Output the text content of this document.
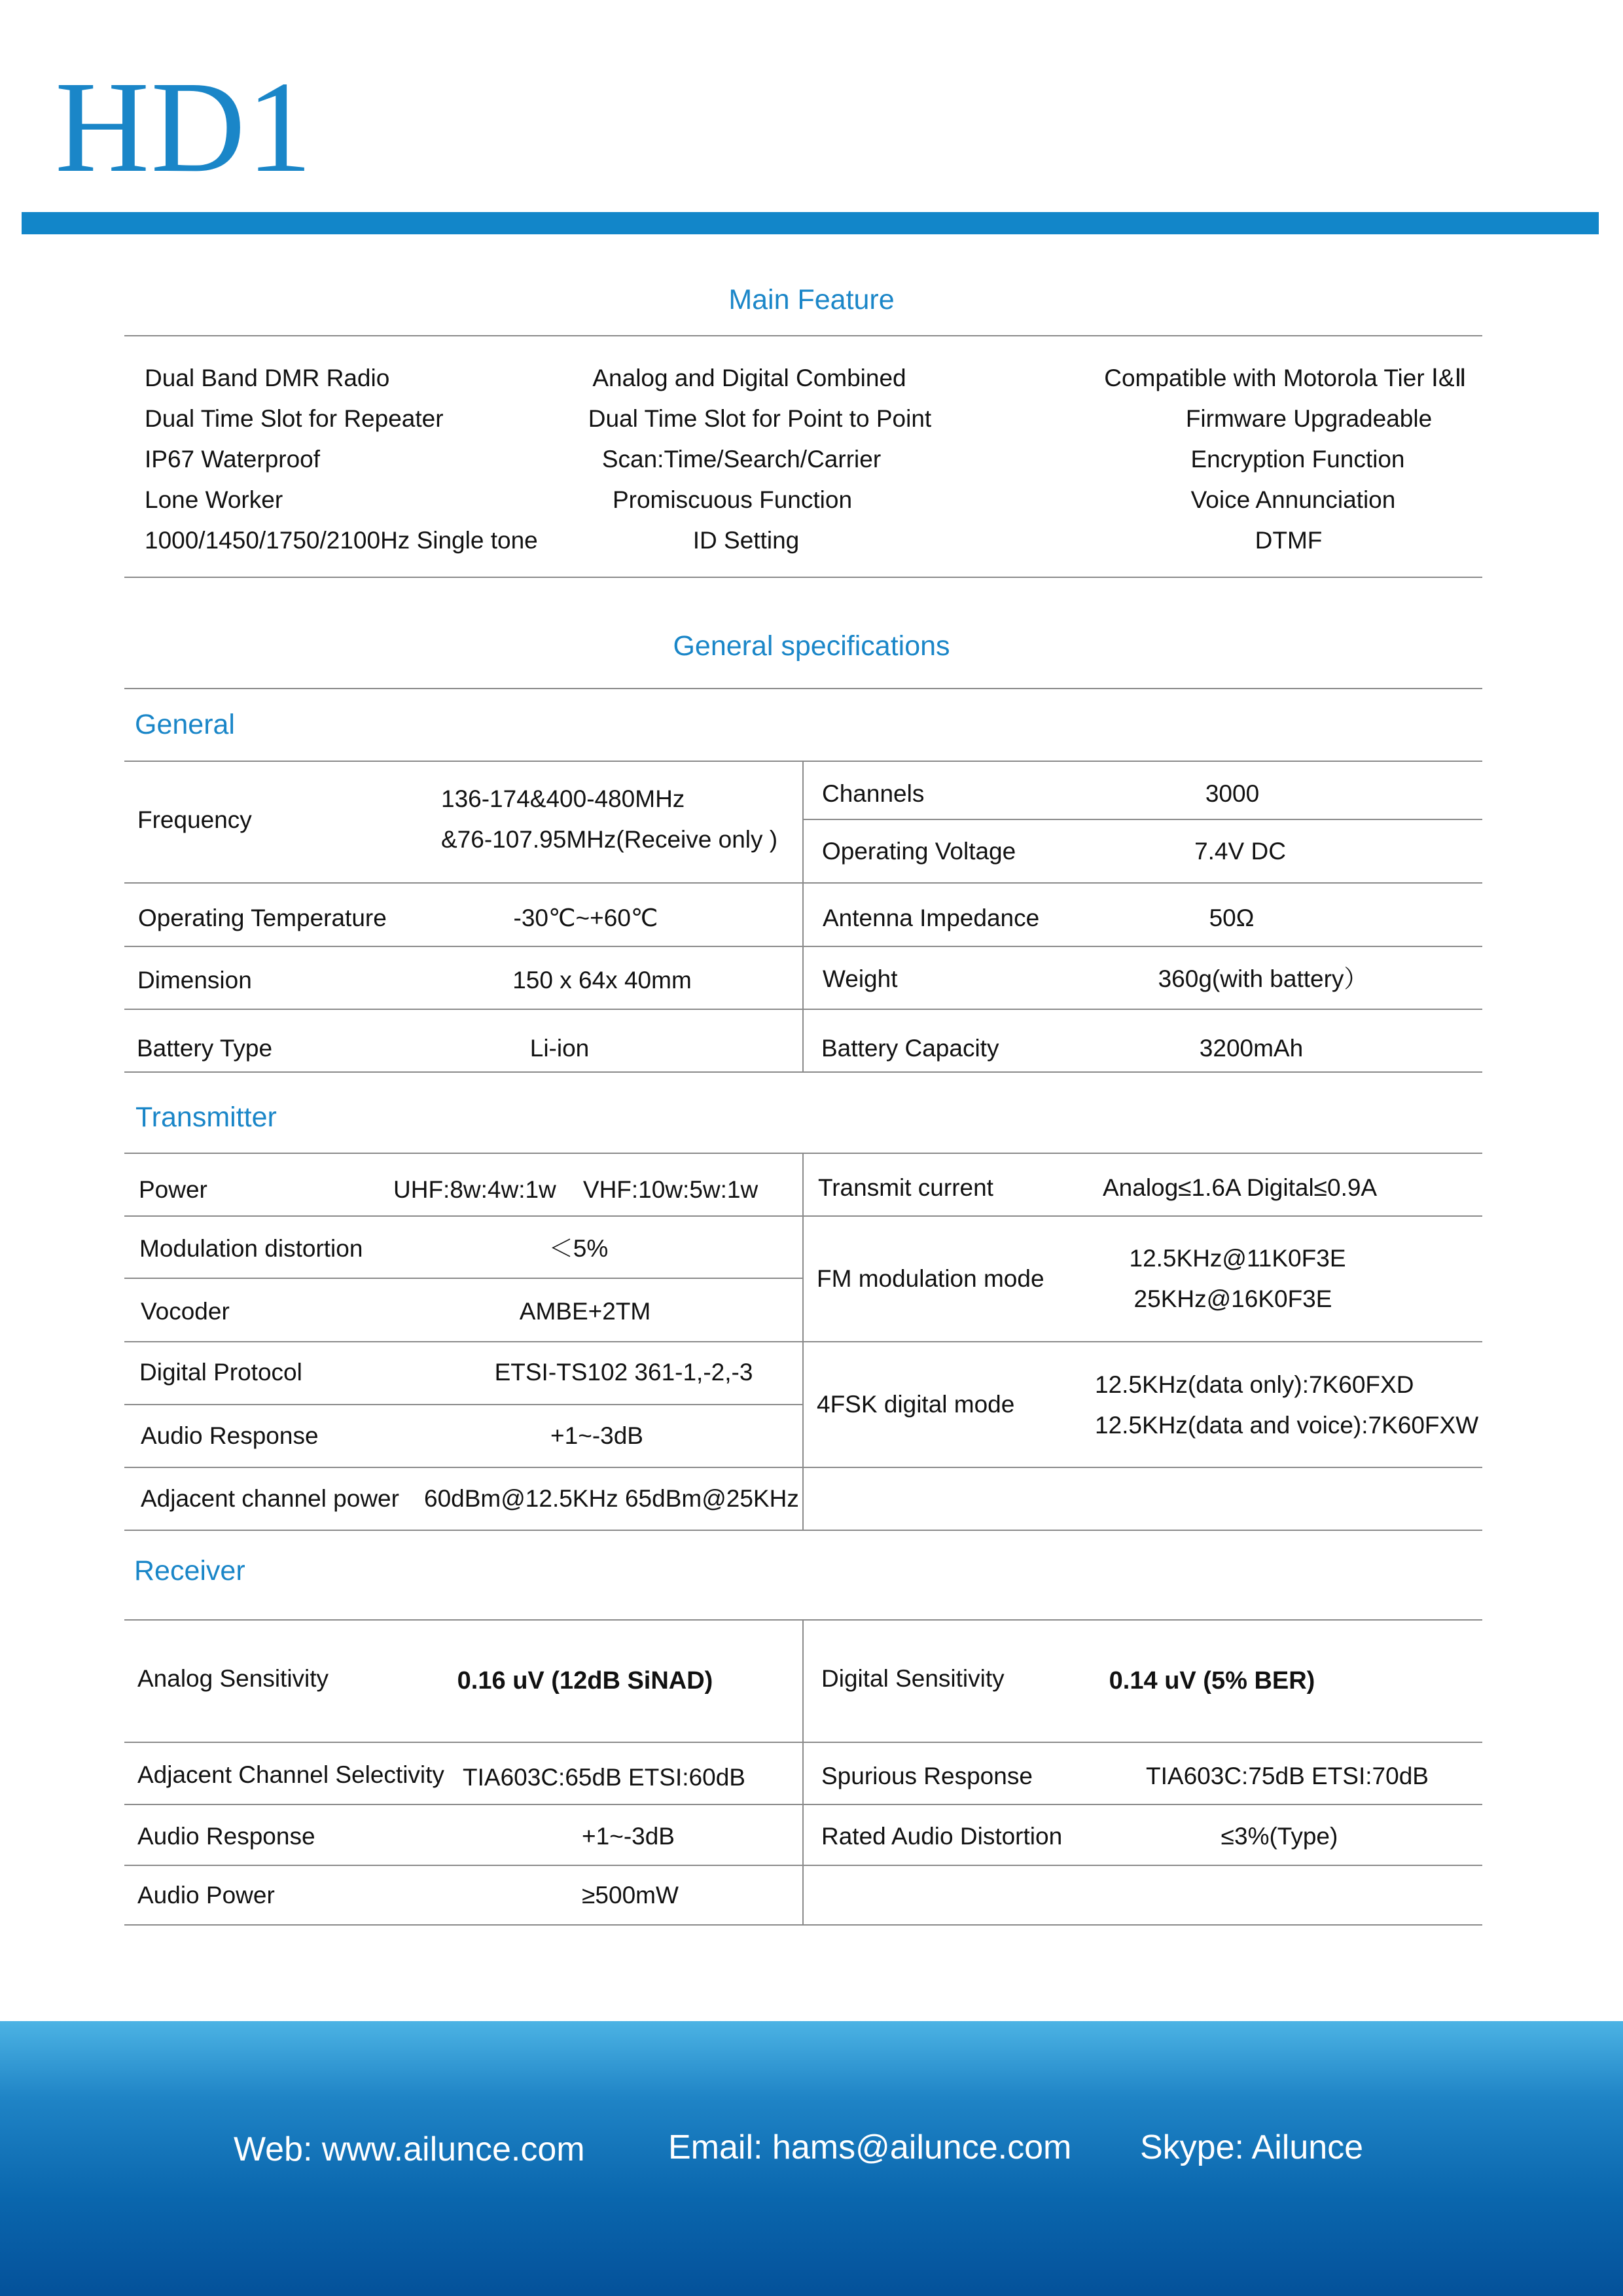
HD1
Main Feature
Dual Band DMR Radio	Analog and Digital Combined	Compatible with Motorola Tier Ⅰ&Ⅱ
Dual Time Slot for Repeater	Dual Time Slot for Point to Point	Firmware Upgradeable
IP67 Waterproof	Scan:Time/Search/Carrier	Encryption Function
Lone Worker	Promiscuous Function	Voice Annunciation
1000/1450/1750/2100Hz Single tone	ID Setting	DTMF
General specifications
General
Frequency
136-174&400-480MHz
&76-107.95MHz(Receive only )
Channels	3000
Operating Voltage	7.4V DC
Operating Temperature	-30℃~+60℃	Antenna Impedance	50Ω
Dimension	150 x 64x 40mm	Weight	360g(with battery）
Battery Type	Li-ion	Battery Capacity	3200mAh
Transmitter
Power	UHF:8w:4w:1w    VHF:10w:5w:1w Transmit current	Analog≤1.6A Digital≤0.9A
Modulation distortion	＜5%
Vocoder	AMBE+2TM
FM modulation mode
12.5KHz@11K0F3E
25KHz@16K0F3E
Digital Protocol	ETSI-TS102 361-1,-2,-3
Audio Response	+1~-3dB
4FSK digital mode
12.5KHz(data only):7K60FXD
12.5KHz(data and voice):7K60FXW
Adjacent channel power 60dBm@12.5KHz 65dBm@25KHz
Receiver
Analog Sensitivity	0.16 uV (12dB SiNAD)	Digital Sensitivity	0.14 uV (5% BER)
Adjacent Channel Selectivity TIA603C:65dB ETSI:60dB	Spurious Response	TIA603C:75dB ETSI:70dB
Audio Response	+1~-3dB	Rated Audio Distortion	≤3%(Type)
Audio Power	≥500mW
Web: www.ailunce.com Email: hams@ailunce.com Skype: Ailunce
